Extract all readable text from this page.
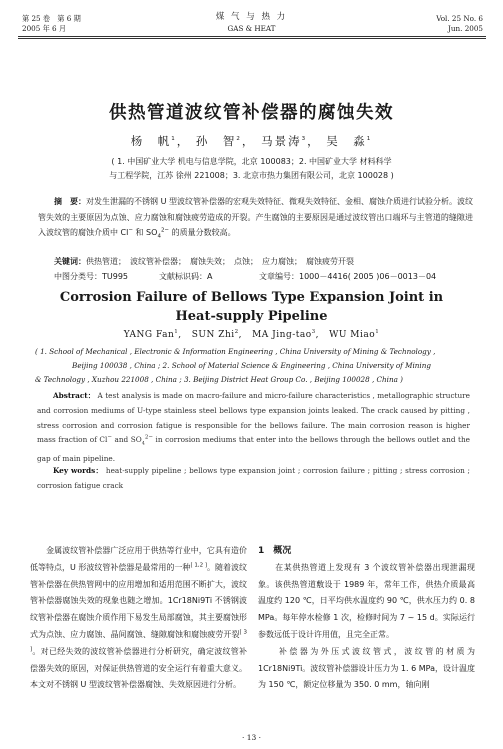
第 25 卷　第 6 期
2005 年 6 月
煤 气 与 热 力
GAS & HEAT
Vol. 25 No. 6
Jun. 2005
供热管道波纹管补偿器的腐蚀失效
杨　帆$^1$， 孙　智$^2$， 马景涛$^3$， 吴　淼$^1$
( 1. 中国矿业大学 机电与信息学院，北京 100083；2. 中国矿业大学 材料科学
与工程学院，江苏 徐州 221008；3. 北京市热力集团有限公司，北京 100028 )
摘　要：对发生泄漏的不锈钢 U 型波纹管补偿器的宏观失效特征、微观失效特征、金相、腐蚀介质进行试验分析。波纹管失效的主要原因为点蚀、应力腐蚀和腐蚀疲劳造成的开裂。产生腐蚀的主要原因是通过波纹管出口端环与主管道的缝隙进入波纹管的腐蚀介质中 Cl− 和 $SO_4^{2-}$ 的质量分数较高。
关键词：供热管道；　波纹管补偿器；　腐蚀失效；　点蚀；　应力腐蚀；　腐蚀疲劳开裂
中图分类号：TU995	文献标识码：A	文章编号：1000－4416( 2005 )06－0013－04
Corrosion Failure of Bellows Type Expansion Joint in
Heat-supply Pipeline
YANG Fan$^1$,   SUN Zhi$^2$,   MA Jing-tao$^3$,   WU Miao$^1$
( 1. School of Mechanical , Electronic & Information Engineering , China University of Mining & Technology ,
Beijing 100038 , China ; 2. School of Material Science & Engineering , China University of Mining
& Technology , Xuzhou 221008 , China ; 3. Beijing District Heat Group Co. , Beijing 100028 , China )
Abstract： A test analysis is made on macro-failure and micro-failure characteristics , metallographic structure and corrosion mediums of U-type stainless steel bellows type expansion joints leaked. The crack caused by pitting , stress corrosion and corrosion fatigue is responsible for the bellows failure. The main corrosion reason is higher mass fraction of Cl− and $SO_4^{2-}$ in corrosion mediums that enter into the bellows through the bellows outlet and the gap of main pipeline.
Key words： heat-supply pipeline ; bellows type expansion joint ; corrosion failure ; pitting ; stress corrosion ; corrosion fatigue crack
　　金属波纹管补偿器广泛应用于供热等行业中，它具有造价低等特点，U 形波纹管补偿器是最常用的一种[ 1,2 ]。随着波纹管补偿器在供热管网中的应用增加和适用范围不断扩大，波纹管补偿器腐蚀失效的现象也随之增加。1Cr18Ni9Ti 不锈钢波纹管补偿器在腐蚀介质作用下易发生局部腐蚀，其主要腐蚀形式为点蚀、应力腐蚀、晶间腐蚀、缝隙腐蚀和腐蚀疲劳开裂[ 3 ]。对已经失效的波纹管补偿器进行分析研究，确定波纹管补偿器失效的原因，对保证供热管道的安全运行有着重大意义。本文对不锈钢 U 型波纹管补偿器腐蚀、失效原因进行分析。
1　概况
　　在某供热管道上发现有 3 个波纹管补偿器出现泄漏现象。该供热管道敷设于 1989 年，常年工作，供热介质最高温度约 120 ℃，日平均供水温度约 90 ℃，供水压力约 0. 8 MPa。每年停水检修 1 次，检修时间为 7 ~ 15 d。实际运行参数远低于设计许用值，且完全正常。
　　补偿器为外压式波纹管式，波纹管的材质为 1Cr18Ni9Ti。波纹管补偿器设计压力为 1. 6 MPa，设计温度为 150 ℃，额定位移量为 350. 0 mm，轴向刚
· 13 ·
